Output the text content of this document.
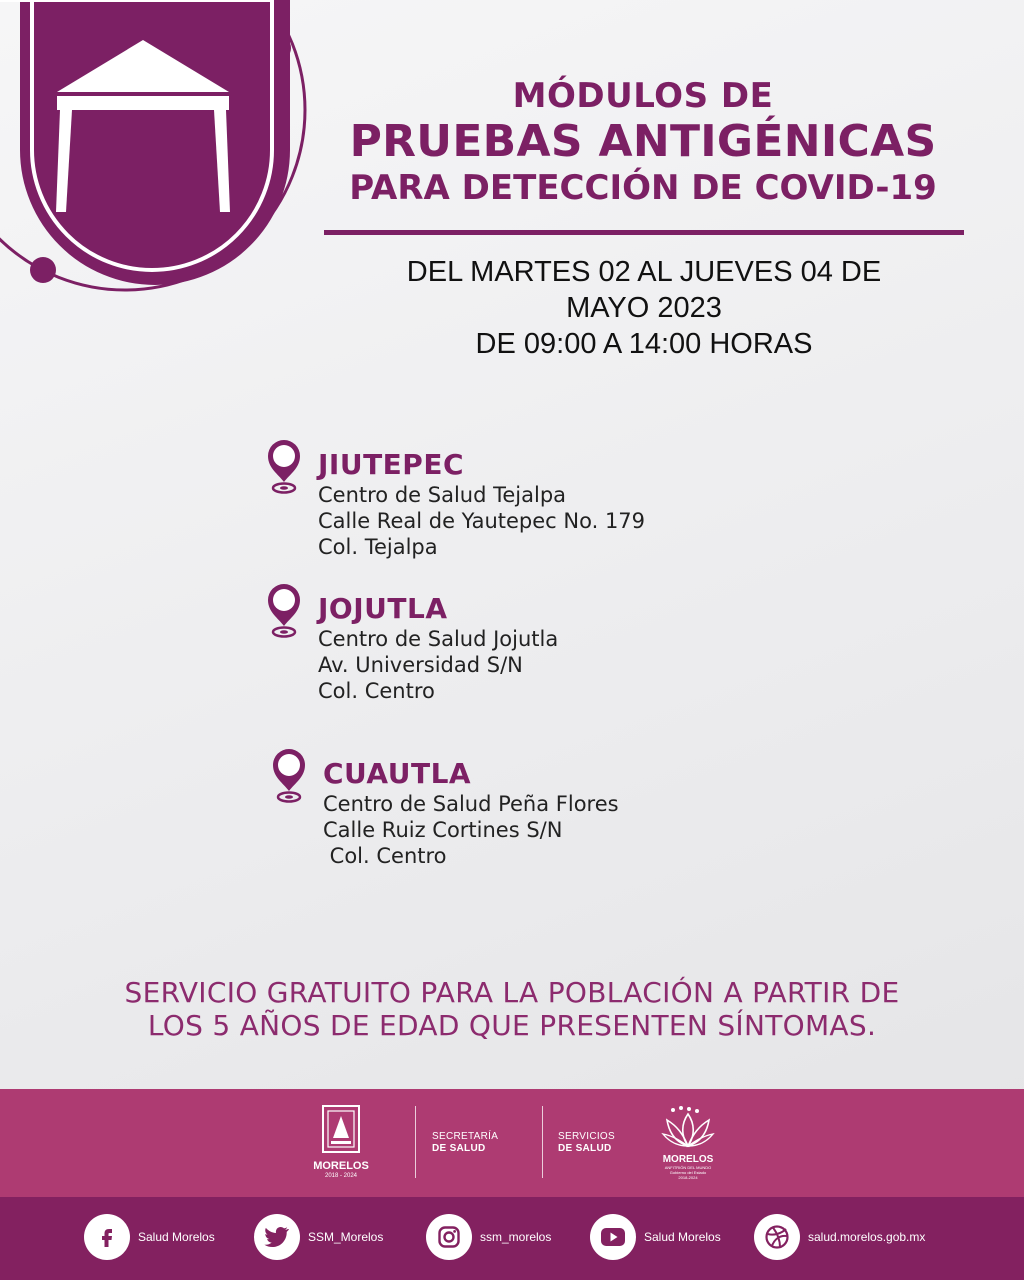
MÓDULOS DE
PRUEBAS ANTIGÉNICAS
PARA DETECCIÓN DE COVID-19
DEL MARTES 02 AL JUEVES 04 DE
MAYO 2023
DE 09:00 A 14:00 HORAS
JIUTEPEC
Centro de Salud Tejalpa
Calle Real de Yautepec No. 179
Col. Tejalpa
JOJUTLA
Centro de Salud Jojutla
Av. Universidad S/N
Col. Centro
CUAUTLA
Centro de Salud Peña Flores
Calle Ruiz Cortines S/N
Col. Centro
SERVICIO GRATUITO PARA LA POBLACIÓN A PARTIR DE
LOS 5 AÑOS DE EDAD QUE PRESENTEN SÍNTOMAS.
MORELOS
2018 - 2024
SECRETARÍA
DE SALUD
SERVICIOS
DE SALUD
MORELOS
ANFITRIÓN DEL MUNDO
Gobierno del Estado
2018-2024
Salud Morelos	SSM_Morelos	ssm_morelos	Salud Morelos	salud.morelos.gob.mx
